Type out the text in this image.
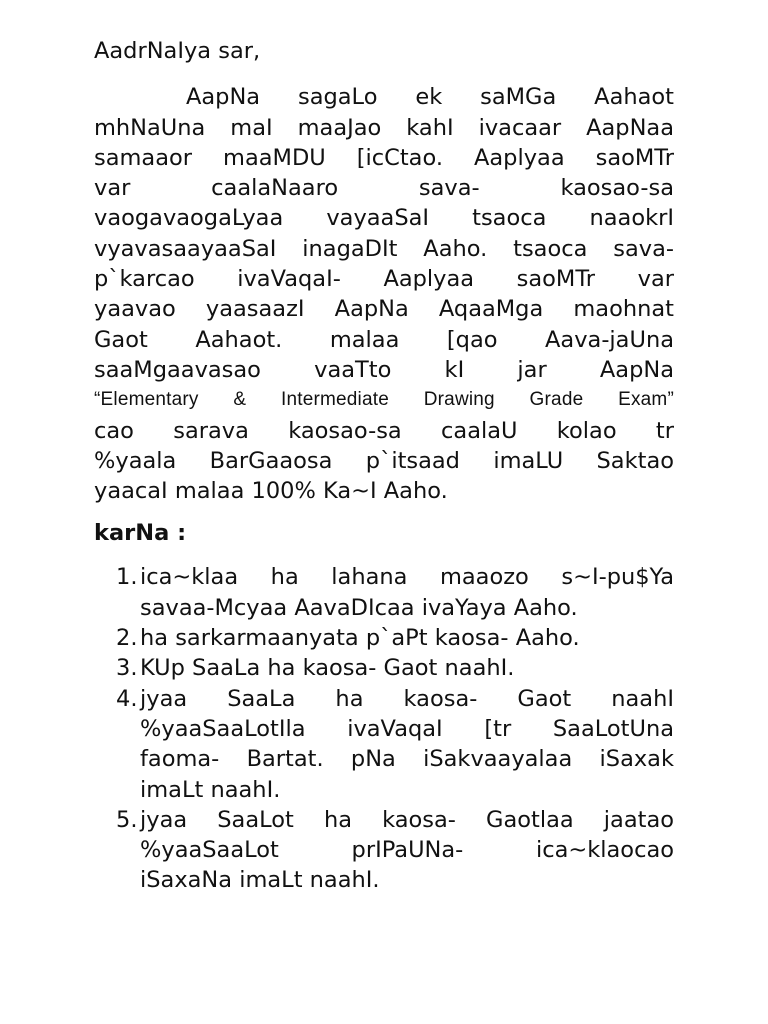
AadrNaIya sar,
AapNa sagaLo ek saMGa Aahaot
mhNaUna maI maaJao kahI ivacaar AapNaa
samaaor maaMDU [icCtao. Aaplyaa saoMTr
var caalaNaaro sava- kaosao-sa
vaogavaogaLyaa vayaaSaI tsaoca naaokrI
vyavasaayaaSaI inagaDIt Aaho. tsaoca sava-
p`karcao ivaVaqaI- Aaplyaa saoMTr var
yaavao yaasaazI AapNa AqaaMga maohnat
Gaot Aahaot. malaa [qao Aava-jaUna
saaMgaavasao vaaTto kI jar AapNa
“Elementary & Intermediate Drawing Grade Exam”
cao sarava kaosao-sa caalaU kolao tr
%yaala BarGaaosa p`itsaad imaLU Saktao
yaacaI malaa 100% Ka~I Aaho.
karNa :
1. ica~klaa ha lahana maaozo s~I-pu$Ya
savaa-Mcyaa AavaDIcaa ivaYaya Aaho.
2. ha sarkarmaanyata p`aPt kaosa- Aaho.
3. KUp SaaLa ha kaosa- Gaot naahI.
4. jyaa SaaLa ha kaosa- Gaot naahI
%yaaSaaLotIla ivaVaqaI [tr SaaLotUna
faoma- Bartat. pNa iSakvaayalaa iSaxak
imaLt naahI.
5. jyaa SaaLot ha kaosa- Gaotlaa jaatao
%yaaSaaLot prIPaUNa- ica~klaocao
iSaxaNa imaLt naahI.
